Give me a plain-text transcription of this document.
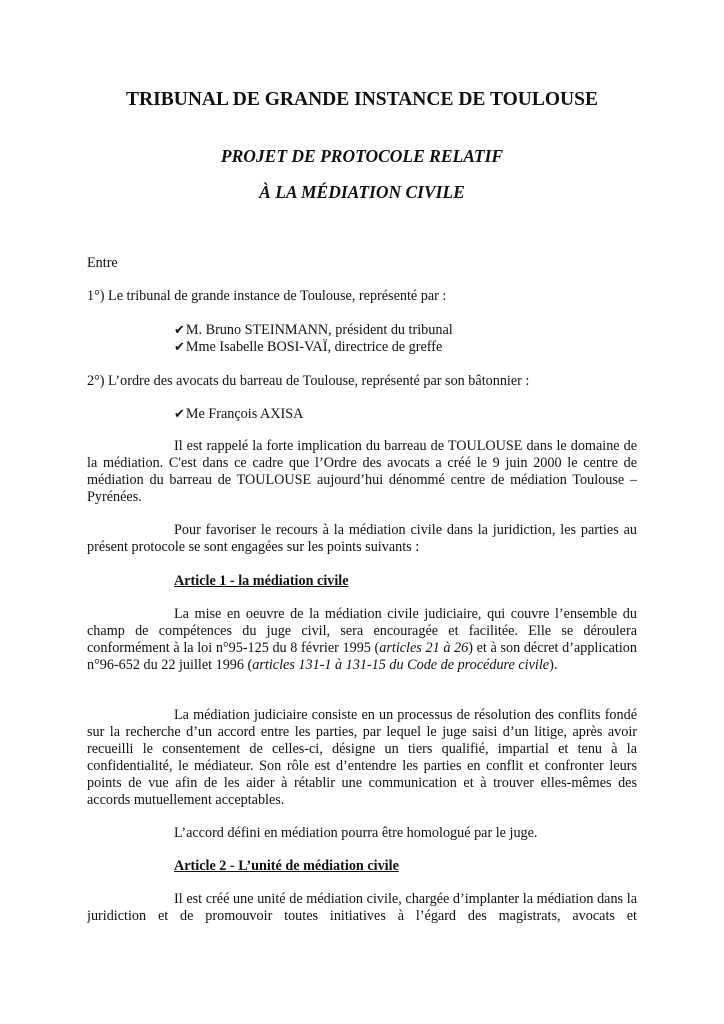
TRIBUNAL DE GRANDE INSTANCE DE TOULOUSE
PROJET DE PROTOCOLE RELATIF
À LA MÉDIATION CIVILE
Entre
1°) Le tribunal de grande instance de Toulouse, représenté par :
✔M. Bruno STEINMANN, président du tribunal
✔Mme Isabelle BOSI-VAÏ, directrice de greffe
2°) L’ordre des avocats du barreau de Toulouse, représenté par son bâtonnier :
✔Me François AXISA
Il est rappelé la forte implication du barreau de TOULOUSE dans le domaine de la médiation. C'est dans ce cadre que l’Ordre des avocats a créé le 9 juin 2000 le centre de médiation du barreau de TOULOUSE aujourd’hui dénommé centre de médiation Toulouse – Pyrénées.
Pour favoriser le recours à la médiation civile dans la juridiction, les parties au présent protocole se sont engagées sur les points suivants :
Article 1 - la médiation civile
La mise en oeuvre de la médiation civile judiciaire, qui couvre l’ensemble du champ de compétences du juge civil, sera encouragée et facilitée. Elle se déroulera conformément à la loi n°95-125 du 8 février 1995 (articles 21 à 26) et à son décret d’application n°96-652 du 22 juillet 1996 (articles 131-1 à 131-15 du Code de procédure civile).
La médiation judiciaire consiste en un processus de résolution des conflits fondé sur la recherche d’un accord entre les parties, par lequel le juge saisi d’un litige, après avoir recueilli le consentement de celles-ci, désigne un tiers qualifié, impartial et tenu à la confidentialité, le médiateur. Son rôle est d’entendre les parties en conflit et confronter leurs points de vue afin de les aider à rétablir une communication et à trouver elles-mêmes des accords mutuellement acceptables.
L’accord défini en médiation pourra être homologué par le juge.
Article 2 - L’unité de médiation civile
Il est créé une unité de médiation civile, chargée d’implanter la médiation dans la juridiction et de promouvoir toutes initiatives à l’égard des magistrats, avocats et
